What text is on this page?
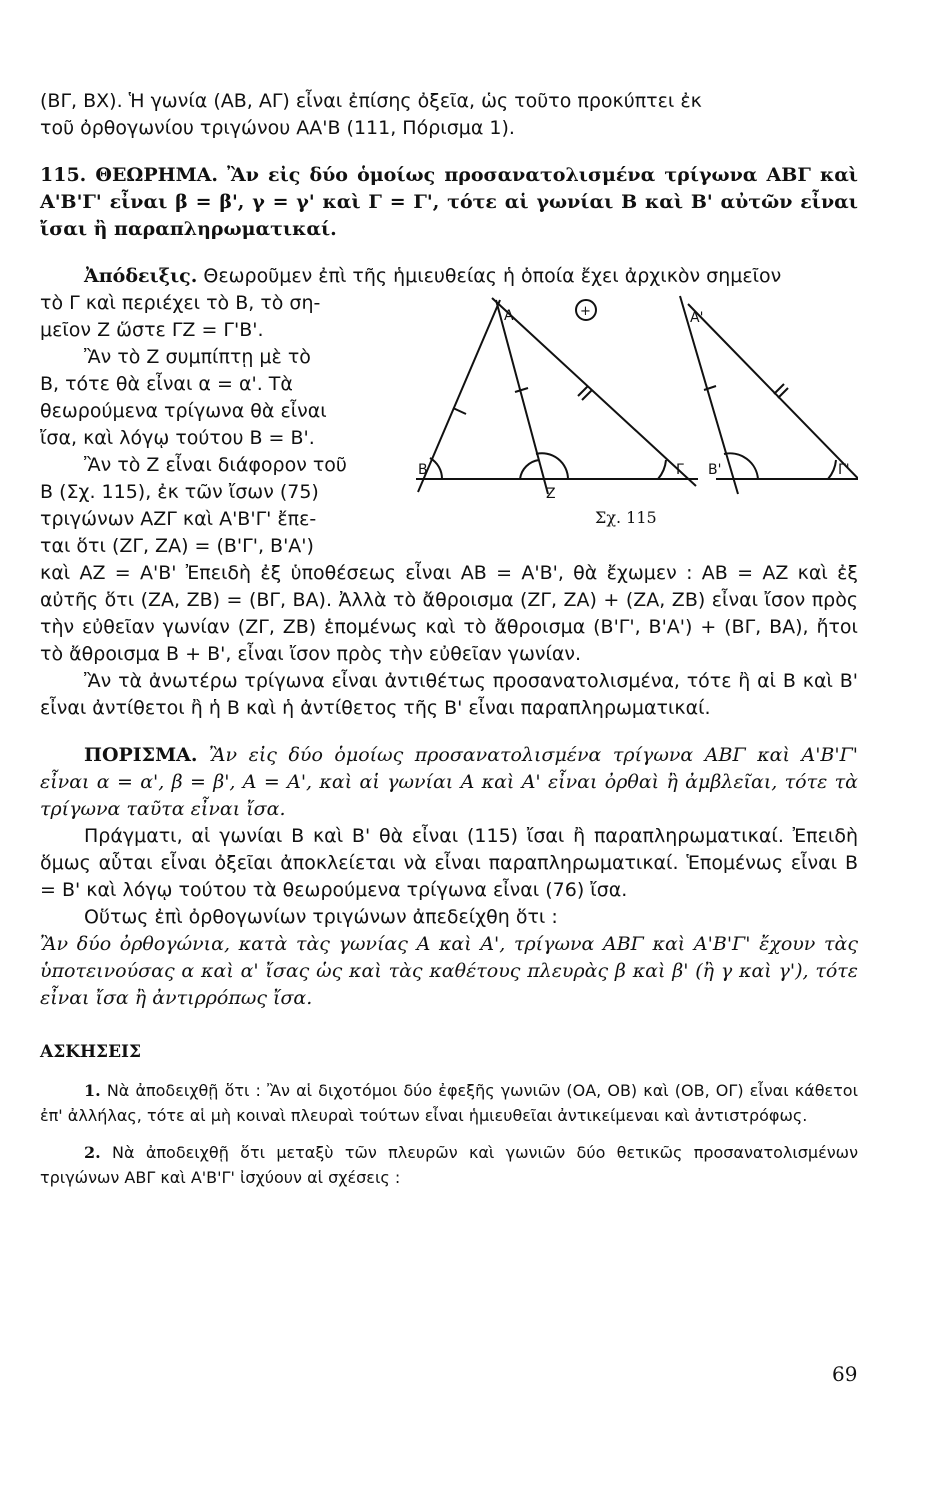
(ΒΓ, ΒΧ). Ἡ γωνία (ΑΒ, ΑΓ) εἶναι ἐπίσης ὀξεῖα, ὡς τοῦτο προκύπτει ἐκ

τοῦ ὀρθογωνίου τριγώνου ΑΑ'Β (111, Πόρισμα 1).

115. ΘΕΩΡΗΜΑ. Ἂν εἰς δύο ὁμοίως προσανατολισμένα τρίγωνα ΑΒΓ καὶ Α'Β'Γ' εἶναι β = β', γ = γ' καὶ Γ = Γ', τότε αἱ γωνίαι Β καὶ Β' αὐτῶν εἶναι ἴσαι ἢ παραπληρωματικαί.

Ἀπόδειξις. Θεωροῦμεν ἐπὶ τῆς ἡμιευθείας ἡ ὁποία ἔχει ἀρχικὸν σημεῖον

τὸ Γ καὶ περιέχει τὸ Β, τὸ ση-

μεῖον Ζ ὥστε ΓΖ = Γ'Β'.

Ἂν τὸ Ζ συμπίπτῃ μὲ τὸ

Β, τότε θὰ εἶναι α = α'. Τὰ

θεωρούμενα τρίγωνα θὰ εἶναι

ἴσα, καὶ λόγῳ τούτου Β = Β'.

Ἂν τὸ Ζ εἶναι διάφορον τοῦ

Β (Σχ. 115), ἐκ τῶν ἴσων (75)

τριγώνων ΑΖΓ καὶ Α'Β'Γ' ἔπε-

ται ὅτι (ΖΓ, ΖΑ) = (Β'Γ', Β'Α')

A	+	A'
B
Z
Γ B'	Γ'
Σχ. 115

καὶ ΑΖ = Α'Β' Ἐπειδὴ ἐξ ὑποθέσεως εἶναι ΑΒ = Α'Β', θὰ ἔχωμεν : ΑΒ = ΑΖ καὶ ἐξ αὐτῆς ὅτι (ΖΑ, ΖΒ) = (ΒΓ, ΒΑ). Ἀλλὰ τὸ ἄθροισμα (ΖΓ, ΖΑ) + (ΖΑ, ΖΒ) εἶναι ἴσον πρὸς τὴν εὐθεῖαν γωνίαν (ΖΓ, ΖΒ) ἑπομένως καὶ τὸ ἄθροισμα (Β'Γ', Β'Α') + (ΒΓ, ΒΑ), ἤτοι τὸ ἄθροισμα Β + Β', εἶναι ἴσον πρὸς τὴν εὐθεῖαν γωνίαν.

Ἂν τὰ ἀνωτέρω τρίγωνα εἶναι ἀντιθέτως προσανατολισμένα, τότε ἢ αἱ Β καὶ Β' εἶναι ἀντίθετοι ἢ ἡ Β καὶ ἡ ἀντίθετος τῆς Β' εἶναι παραπληρωματικαί.

ΠΟΡΙΣΜΑ. Ἂν εἰς δύο ὁμοίως προσανατολισμένα τρίγωνα ΑΒΓ καὶ Α'Β'Γ' εἶναι α = α', β = β', Α = Α', καὶ αἱ γωνίαι Α καὶ Α' εἶναι ὀρθαὶ ἢ ἀμβλεῖαι, τότε τὰ τρίγωνα ταῦτα εἶναι ἴσα.

Πράγματι, αἱ γωνίαι Β καὶ Β' θὰ εἶναι (115) ἴσαι ἢ παραπληρωματικαί. Ἐπειδὴ ὅμως αὗται εἶναι ὀξεῖαι ἀποκλείεται νὰ εἶναι παραπληρωματικαί. Ἑπομένως εἶναι Β = Β' καὶ λόγῳ τούτου τὰ θεωρούμενα τρίγωνα εἶναι (76) ἴσα.

Οὕτως ἐπὶ ὀρθογωνίων τριγώνων ἀπεδείχθη ὅτι :

Ἂν δύο ὀρθογώνια, κατὰ τὰς γωνίας Α καὶ Α', τρίγωνα ΑΒΓ καὶ Α'Β'Γ' ἔχουν τὰς ὑποτεινούσας α καὶ α' ἴσας ὡς καὶ τὰς καθέτους πλευρὰς β καὶ β' (ἢ γ καὶ γ'), τότε εἶναι ἴσα ἢ ἀντιρρόπως ἴσα.

ΑΣΚΗΣΕΙΣ

1. Νὰ ἀποδειχθῇ ὅτι : Ἂν αἱ διχοτόμοι δύο ἐφεξῆς γωνιῶν (ΟΑ, ΟΒ) καὶ (ΟΒ, ΟΓ) εἶναι κάθετοι ἐπ' ἀλλήλας, τότε αἱ μὴ κοιναὶ πλευραὶ τούτων εἶναι ἡμιευθεῖαι ἀντικείμεναι καὶ ἀντιστρόφως.

2. Νὰ ἀποδειχθῇ ὅτι μεταξὺ τῶν πλευρῶν καὶ γωνιῶν δύο θετικῶς προσανατολισμένων τριγώνων ΑΒΓ καὶ Α'Β'Γ' ἰσχύουν αἱ σχέσεις :

69
